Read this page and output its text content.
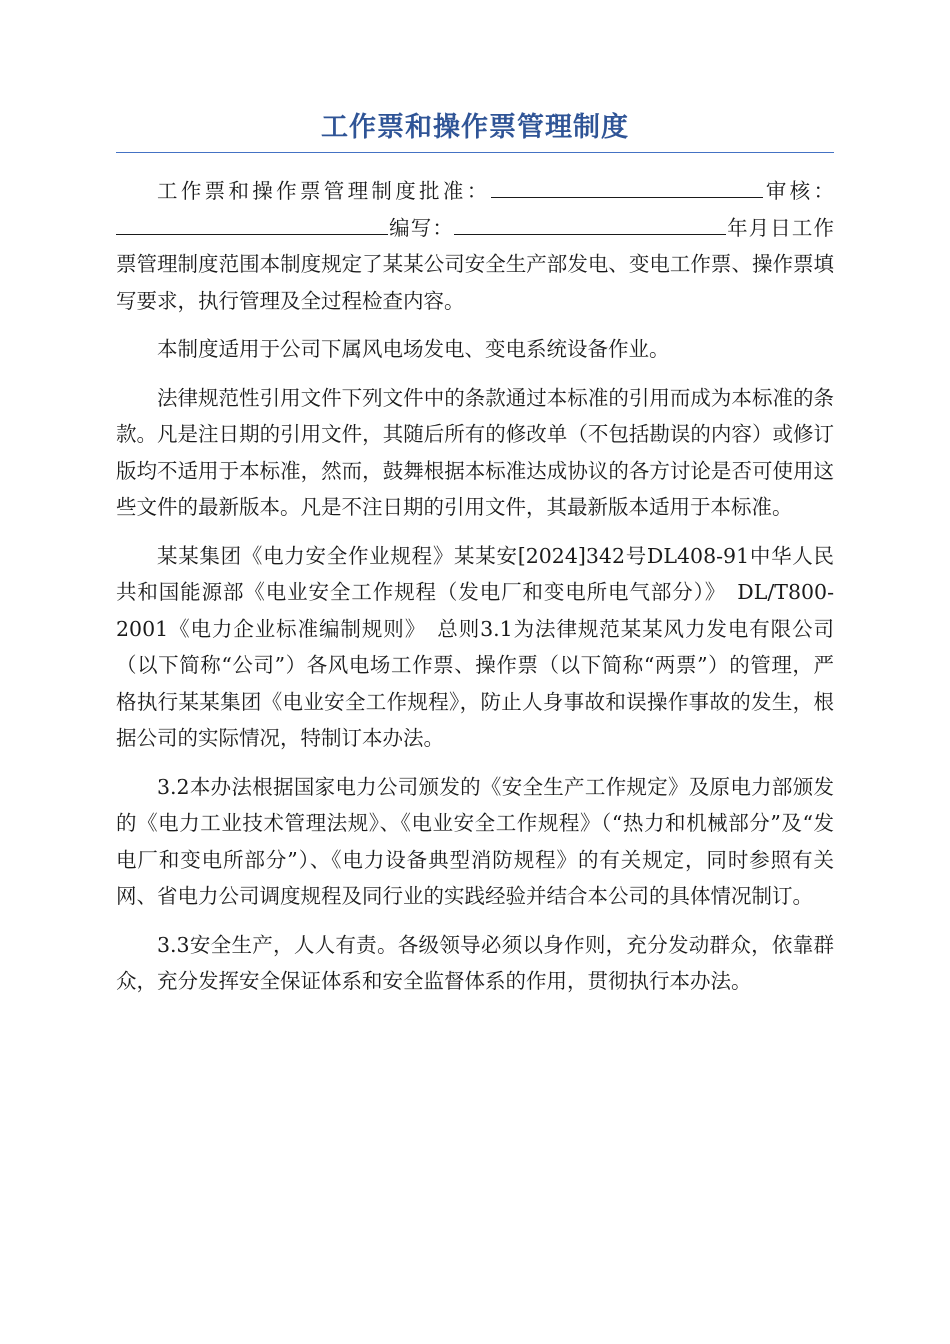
工作票和操作票管理制度

工作票和操作票管理制度批准：	审核：编写：	年月日工作票管理制度范围本制度规定了某某公司安全生产部发电、变电工作票、操作票填写要求，执行管理及全过程检查内容。

本制度适用于公司下属风电场发电、变电系统设备作业。

法律规范性引用文件下列文件中的条款通过本标准的引用而成为本标准的条款。凡是注日期的引用文件，其随后所有的修改单（不包括勘误的内容）或修订版均不适用于本标准，然而，鼓舞根据本标准达成协议的各方讨论是否可使用这些文件的最新版本。凡是不注日期的引用文件，其最新版本适用于本标准。

某某集团《电力安全作业规程》某某安[2024]342号DL408-91中华人民共和国能源部《电业安全工作规程（发电厂和变电所电气部分）》　DL/T800-2001《电力企业标准编制规则》　总则3.1为法律规范某某风力发电有限公司（以下简称“公司”）各风电场工作票、操作票（以下简称“两票”）的管理，严格执行某某集团《电业安全工作规程》，防止人身事故和误操作事故的发生，根据公司的实际情况，特制订本办法。

3.2本办法根据国家电力公司颁发的《安全生产工作规定》及原电力部颁发的《电力工业技术管理法规》、《电业安全工作规程》（“热力和机械部分”及“发电厂和变电所部分”）、《电力设备典型消防规程》的有关规定，同时参照有关网、省电力公司调度规程及同行业的实践经验并结合本公司的具体情况制订。

3.3安全生产，人人有责。各级领导必须以身作则，充分发动群众，依靠群众，充分发挥安全保证体系和安全监督体系的作用，贯彻执行本办法。
